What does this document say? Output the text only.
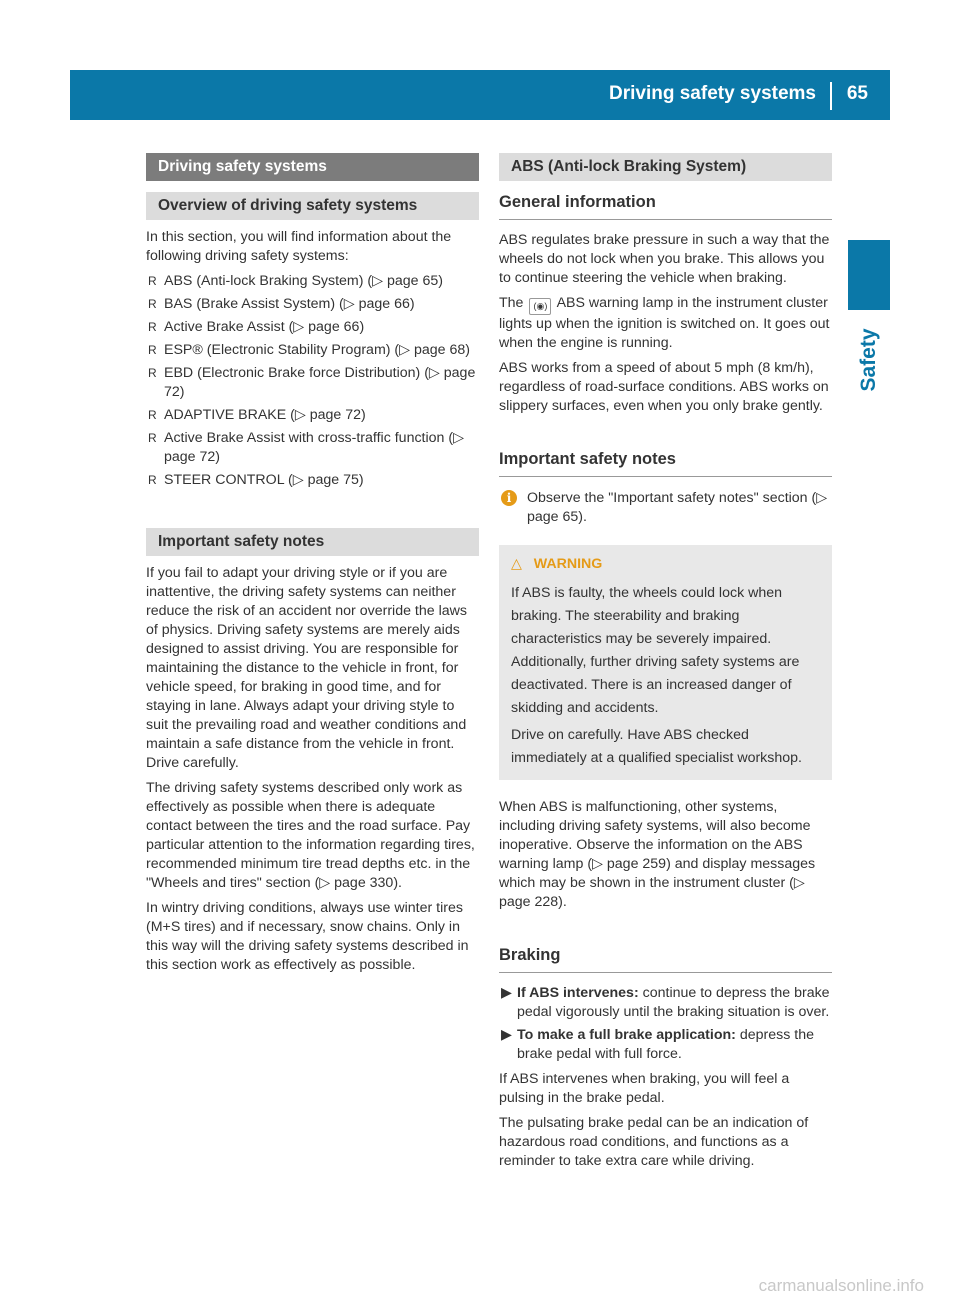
Driving safety systems 65
Safety
Driving safety systems
Overview of driving safety systems

In this section, you will find information about the following driving safety systems:

R ABS (Anti-lock Braking System) (▷ page 65)
R BAS (Brake Assist System) (▷ page 66)
R Active Brake Assist (▷ page 66)
R ESP® (Electronic Stability Program) (▷ page 68)
R EBD (Electronic Brake force Distribution) (▷ page 72)
R ADAPTIVE BRAKE (▷ page 72)
R Active Brake Assist with cross-traffic function (▷ page 72)
R STEER CONTROL (▷ page 75)
Important safety notes

If you fail to adapt your driving style or if you are inattentive, the driving safety systems can neither reduce the risk of an accident nor override the laws of physics. Driving safety systems are merely aids designed to assist driving. You are responsible for maintaining the distance to the vehicle in front, for vehicle speed, for braking in good time, and for staying in lane. Always adapt your driving style to suit the prevailing road and weather conditions and maintain a safe distance from the vehicle in front. Drive carefully.

The driving safety systems described only work as effectively as possible when there is adequate contact between the tires and the road surface. Pay particular attention to the information regarding tires, recommended minimum tire tread depths etc. in the "Wheels and tires" section (▷ page 330).

In wintry driving conditions, always use winter tires (M+S tires) and if necessary, snow chains. Only in this way will the driving safety systems described in this section work as effectively as possible.

ABS (Anti-lock Braking System)
General information

ABS regulates brake pressure in such a way that the wheels do not lock when you brake. This allows you to continue steering the vehicle when braking.

The (◉) ABS warning lamp in the instrument cluster lights up when the ignition is switched on. It goes out when the engine is running.

ABS works from a speed of about 5 mph (8 km/h), regardless of road-surface conditions. ABS works on slippery surfaces, even when you only brake gently.

Important safety notes
i	Observe the "Important safety notes" section (▷ page 65).
△ WARNING

If ABS is faulty, the wheels could lock when braking. The steerability and braking characteristics may be severely impaired. Additionally, further driving safety systems are deactivated. There is an increased danger of skidding and accidents.

Drive on carefully. Have ABS checked immediately at a qualified specialist workshop.

When ABS is malfunctioning, other systems, including driving safety systems, will also become inoperative. Observe the information on the ABS warning lamp (▷ page 259) and display messages which may be shown in the instrument cluster (▷ page 228).

Braking
▶ If ABS intervenes: continue to depress the brake pedal vigorously until the braking situation is over.
▶ To make a full brake application: depress the brake pedal with full force.

If ABS intervenes when braking, you will feel a pulsing in the brake pedal.

The pulsating brake pedal can be an indication of hazardous road conditions, and functions as a reminder to take extra care while driving.

carmanualsonline.info
